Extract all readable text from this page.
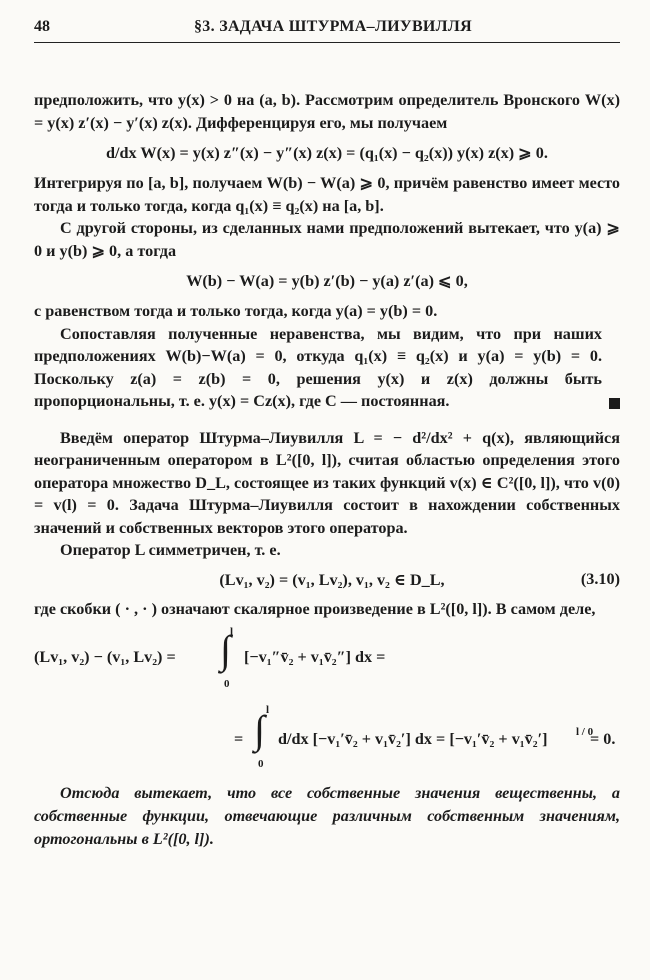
48	§3. ЗАДАЧА ШТУРМА–ЛИУВИЛЛЯ

предположить, что y(x) > 0 на (a, b). Рассмотрим определитель Вронского W(x) = y(x) z′(x) − y′(x) z(x). Дифференцируя его, мы получаем

d/dx W(x) = y(x) z″(x) − y″(x) z(x) = (q₁(x) − q₂(x)) y(x) z(x) ⩾ 0.

Интегрируя по [a, b], получаем W(b) − W(a) ⩾ 0, причём равенство имеет место тогда и только тогда, когда q₁(x) ≡ q₂(x) на [a, b].

С другой стороны, из сделанных нами предположений вытекает, что y(a) ⩾ 0 и y(b) ⩾ 0, а тогда

W(b) − W(a) = y(b) z′(b) − y(a) z′(a) ⩽ 0,

с равенством тогда и только тогда, когда y(a) = y(b) = 0.

Сопоставляя полученные неравенства, мы видим, что при наших предположениях W(b)−W(a) = 0, откуда q₁(x) ≡ q₂(x) и y(a) = y(b) = 0. Поскольку z(a) = z(b) = 0, решения y(x) и z(x) должны быть пропорциональны, т. е. y(x) = Cz(x), где C — постоянная.

Введём оператор Штурма–Лиувилля L = − d²/dx² + q(x), являющийся неограниченным оператором в L²([0, l]), считая областью определения этого оператора множество D_L, состоящее из таких функций v(x) ∈ C²([0, l]), что v(0) = v(l) = 0. Задача Штурма–Лиувилля состоит в нахождении собственных значений и собственных векторов этого оператора.

Оператор L симметричен, т. е.

(Lv₁, v₂) = (v₁, Lv₂), v₁, v₂ ∈ D_L,	(3.10)

где скобки ( · , · ) означают скалярное произведение в L²([0, l]). В самом деле,

(Lv₁, v₂) − (v₁, Lv₂) =
l
∫
0
[−v₁″v̄₂ + v₁v̄₂″] dx =
=
l
∫
0
d/dx [−v₁′v̄₂ + v₁v̄₂′] dx = [−v₁′v̄₂ + v₁v̄₂′]	l / 0
= 0.

Отсюда вытекает, что все собственные значения вещественны, а собственные функции, отвечающие различным собственным значениям, ортогональны в L²([0, l]).
